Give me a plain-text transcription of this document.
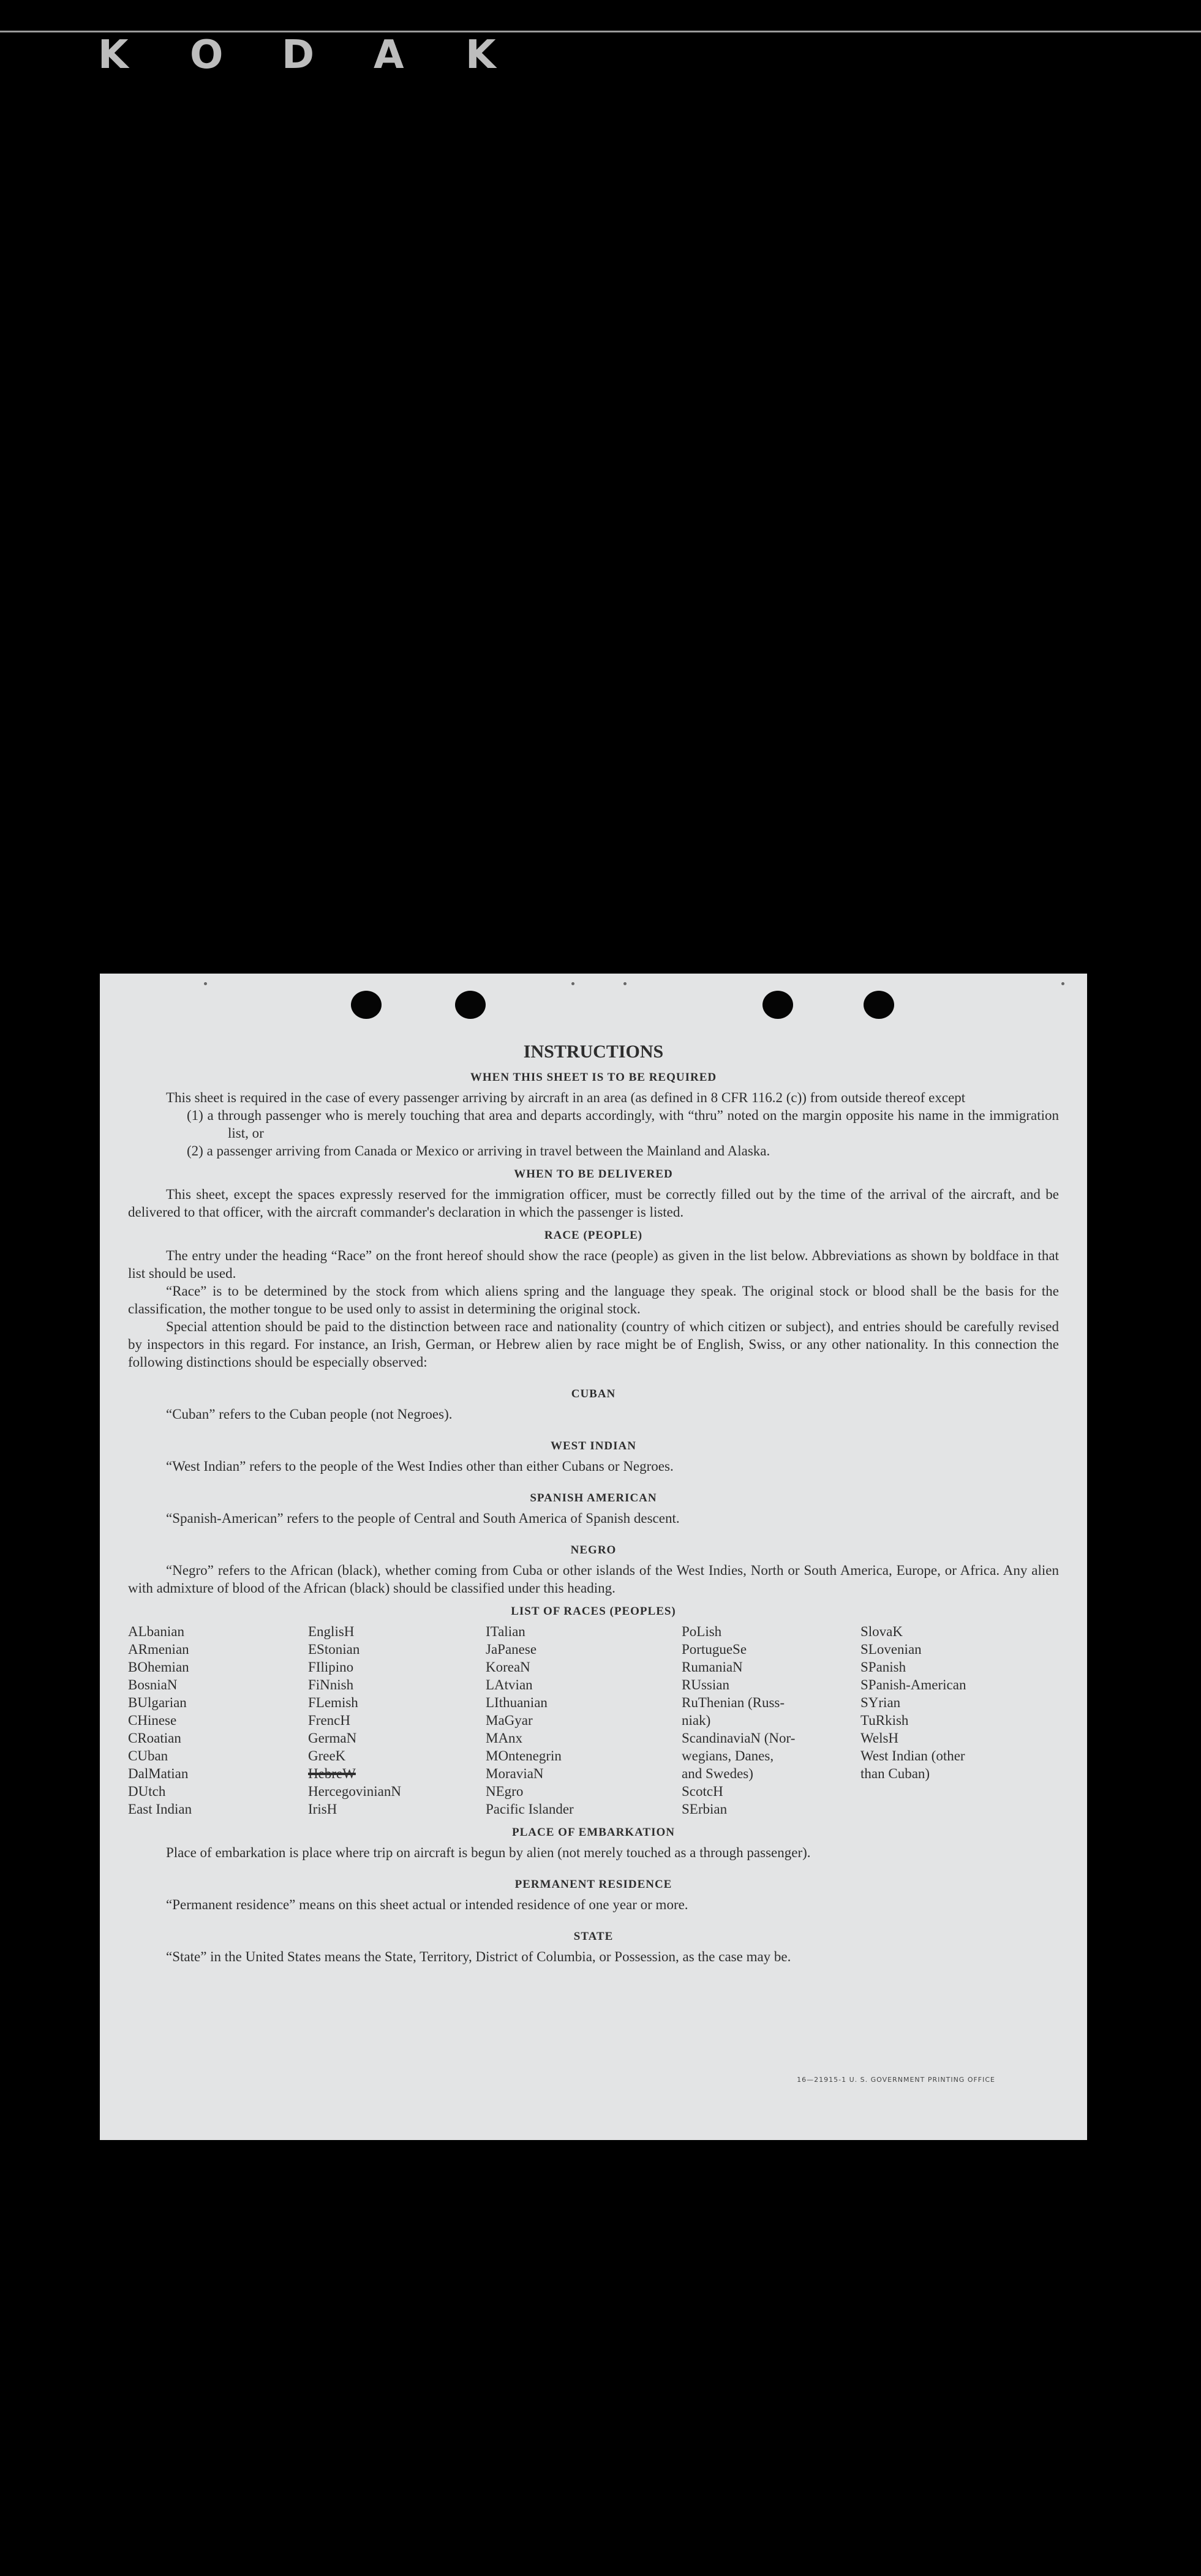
K O D A K
INSTRUCTIONS
WHEN THIS SHEET IS TO BE REQUIRED

This sheet is required in the case of every passenger arriving by aircraft in an area (as defined in 8 CFR 116.2 (c)) from outside thereof except

(1) a through passenger who is merely touching that area and departs accordingly, with “thru” noted on the margin opposite his name in the immigration list, or
(2) a passenger arriving from Canada or Mexico or arriving in travel between the Mainland and Alaska.
WHEN TO BE DELIVERED

This sheet, except the spaces expressly reserved for the immigration officer, must be correctly filled out by the time of the arrival of the aircraft, and be delivered to that officer, with the aircraft commander's declaration in which the passenger is listed.

RACE (PEOPLE)

The entry under the heading “Race” on the front hereof should show the race (people) as given in the list below. Abbreviations as shown by boldface in that list should be used.

“Race” is to be determined by the stock from which aliens spring and the language they speak. The original stock or blood shall be the basis for the classification, the mother tongue to be used only to assist in determining the original stock.

Special attention should be paid to the distinction between race and nationality (country of which citizen or subject), and entries should be carefully revised by inspectors in this regard. For instance, an Irish, German, or Hebrew alien by race might be of English, Swiss, or any other nationality. In this connection the following distinctions should be especially observed:

CUBAN

“Cuban” refers to the Cuban people (not Negroes).

WEST INDIAN

“West Indian” refers to the people of the West Indies other than either Cubans or Negroes.

SPANISH AMERICAN

“Spanish-American” refers to the people of Central and South America of Spanish descent.

NEGRO

“Negro” refers to the African (black), whether coming from Cuba or other islands of the West Indies, North or South America, Europe, or Africa. Any alien with admixture of blood of the African (black) should be classified under this heading.

LIST OF RACES (PEOPLES)
ALbanian
ARmenian
BOhemian
BosniaN
BUlgarian
CHinese
CRoatian
CUban
DalMatian
DUtch
East Indian
EnglisH
EStonian
FIlipino
FiNnish
FLemish
FrencH
GermaN
GreeK
HebreW
HercegovinianN
IrisH
ITalian
JaPanese
KoreaN
LAtvian
LIthuanian
MaGyar
MAnx
MOntenegrin
MoraviaN
NEgro
Pacific Islander
PoLish
PortugueSe
RumaniaN
RUssian
RuThenian (Russ-
niak)
ScandinaviaN (Nor-
wegians, Danes,
and Swedes)
ScotcH
SErbian
SlovaK
SLovenian
SPanish
SPanish-American
SYrian
TuRkish
WelsH
West Indian (other
than Cuban)
PLACE OF EMBARKATION

Place of embarkation is place where trip on aircraft is begun by alien (not merely touched as a through passenger).

PERMANENT RESIDENCE

“Permanent residence” means on this sheet actual or intended residence of one year or more.

STATE

“State” in the United States means the State, Territory, District of Columbia, or Possession, as the case may be.

16—21915-1 U. S. GOVERNMENT PRINTING OFFICE
